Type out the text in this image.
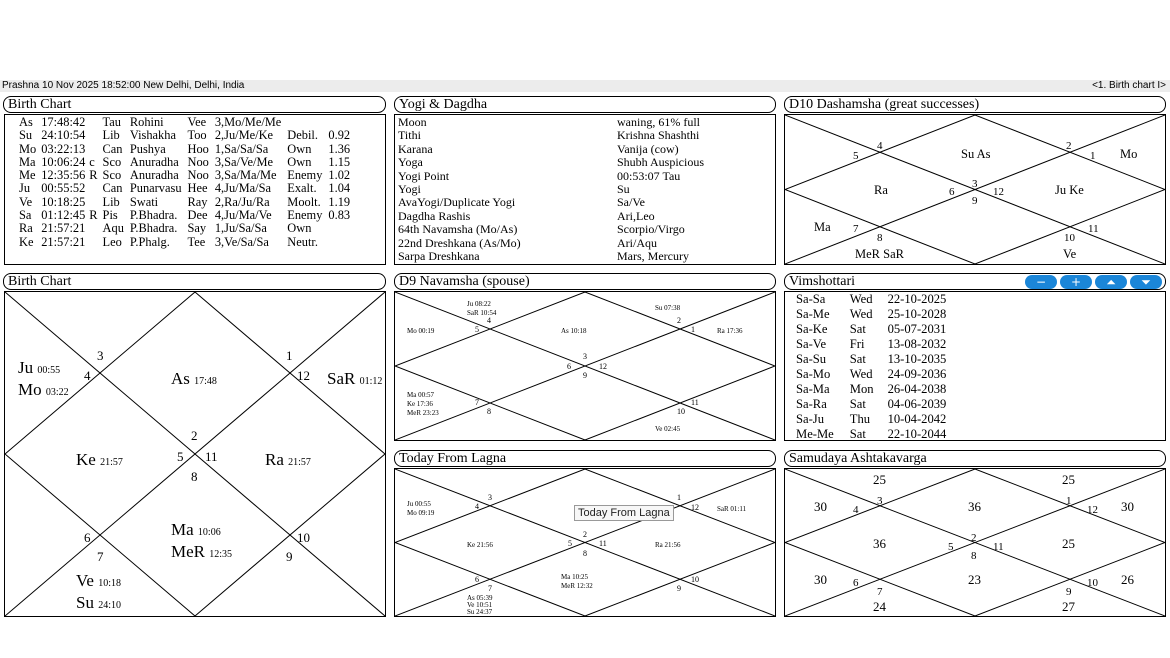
Prashna 10 Nov 2025 18:52:00 New Delhi, Delhi, India	<1. Birth chart I>
Birth Chart
As	17:48:42		Tau	Rohini	Vee	3,Mo/Me/Me		
Su	24:10:54		Lib	Vishakha	Too	2,Ju/Me/Ke	Debil.	0.92
Mo	03:22:13		Can	Pushya	Hoo	1,Sa/Sa/Sa	Own	1.36
Ma	10:06:24	c	Sco	Anuradha	Noo	3,Sa/Ve/Me	Own	1.15
Me	12:35:56	R	Sco	Anuradha	Noo	3,Sa/Ma/Me	Enemy	1.02
Ju	00:55:52		Can	Punarvasu	Hee	4,Ju/Ma/Sa	Exalt.	1.04
Ve	10:18:25		Lib	Swati	Ray	2,Ra/Ju/Ra	Moolt.	1.19
Sa	01:12:45	R	Pis	P.Bhadra.	Dee	4,Ju/Ma/Ve	Enemy	0.83
Ra	21:57:21		Aqu	P.Bhadra.	Say	1,Ju/Sa/Sa	Own	
Ke	21:57:21		Leo	P.Phalg.	Tee	3,Ve/Sa/Sa	Neutr.	
Yogi & Dagdha
Moon	waning, 61% full
Tithi	Krishna Shashthi
Karana	Vanija (cow)
Yoga	Shubh Auspicious
Yogi Point	00:53:07 Tau
Yogi	Su
AvaYogi/Duplicate Yogi	Sa/Ve
Dagdha Rashis	Ari,Leo
64th Navamsha (Mo/As)	Scorpio/Virgo
22nd Dreshkana (As/Mo)	Ari/Aqu
Sarpa Dreshkana	Mars, Mercury
D10 Dashamsha (great successes)
4
5
3
2
1
6	12
9
7
8	10
11
Su As	Mo
Ra	Ju Ke
Ma
MeR SaR	Ve
Birth Chart
3
4
1
12
2
5 11
8
6
7
10
9
Ju 00:55
Mo 03:22
As 17:48	SaR 01:12
Ke 21:57	Ra 21:57
Ma 10:06
MeR 12:35
Ve 10:18
Su 24:10
D9 Navamsha (spouse)
4
5
2
1
3
6	12
9
7
8	10
11
Ju 08:22
SaR 10:54
Su 07:38
Mo 00:19	As 10:18	Ra 17:36
Ma 00:57
Ke 17:36
MeR 23:23
Ve 02:45
Vimshottari	−	+	⏶	⏷
Sa-Sa	Wed	22-10-2025
Sa-Me	Wed	25-10-2028
Sa-Ke	Sat	05-07-2031
Sa-Ve	Fri	13-08-2032
Sa-Su	Sat	13-10-2035
Sa-Mo	Wed	24-09-2036
Sa-Ma	Mon	26-04-2038
Sa-Ra	Sat	04-06-2039
Sa-Ju	Thu	10-04-2042
Me-Me	Sat	22-10-2044
Today From Lagna
3
4
1
12
2
5	11
8
6
7
10
9
Ju 00:55
Mo 09:19	SaR 01:11
Ke 21:56	Ra 21:56
Ma 10:25
MeR 12:32
As 05:39
Ve 10:51
Su 24:37
Today From Lagna
Samudaya Ashtakavarga
3
4
1
12
2
5	11
8
6
7
10
9
25	25
30	36	30
36	25
30	23	26
24	27
